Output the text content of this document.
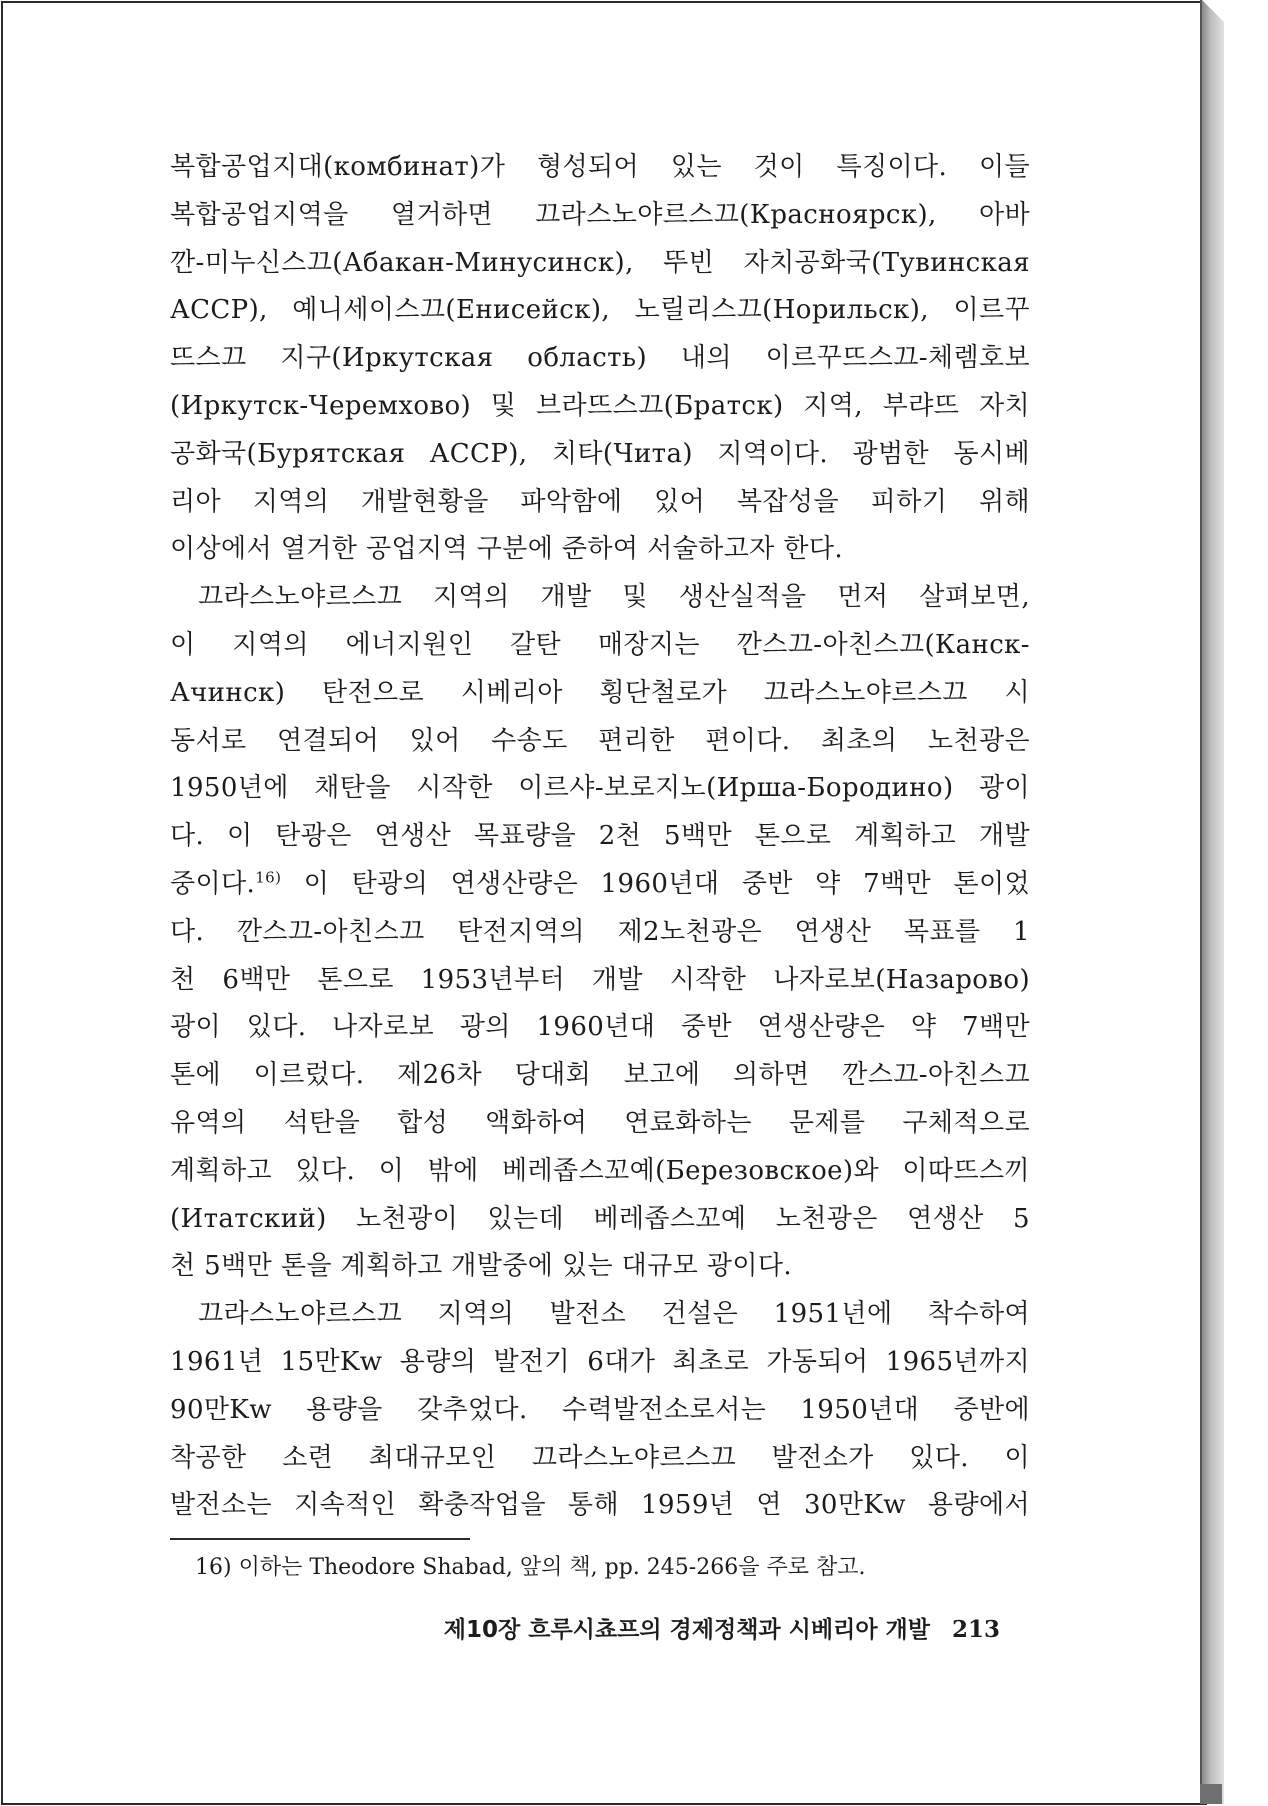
복합공업지대(комбинат)가 형성되어 있는 것이 특징이다. 이들
복합공업지역을 열거하면 끄라스노야르스끄(Красноярск), 아바
깐-미누신스끄(Абакан-Минусинск), 뚜빈 자치공화국(Тувинская
АССР), 예니세이스끄(Енисейск), 노릴리스끄(Норильск), 이르꾸
뜨스끄 지구(Иркутская область) 내의 이르꾸뜨스끄-체렘호보
(Иркутск-Черемхово) 및 브라뜨스끄(Братск) 지역, 부랴뜨 자치
공화국(Бурятская АССР), 치타(Чита) 지역이다. 광범한 동시베
리아 지역의 개발현황을 파악함에 있어 복잡성을 피하기 위해
이상에서 열거한 공업지역 구분에 준하여 서술하고자 한다.
끄라스노야르스끄 지역의 개발 및 생산실적을 먼저 살펴보면,
이 지역의 에너지원인 갈탄 매장지는 깐스끄-아친스끄(Канск-
Ачинск) 탄전으로 시베리아 횡단철로가 끄라스노야르스끄 시
동서로 연결되어 있어 수송도 편리한 편이다. 최초의 노천광은
1950년에 채탄을 시작한 이르샤-보로지노(Ирша-Бородино) 광이
다. 이 탄광은 연생산 목표량을 2천 5백만 톤으로 계획하고 개발
중이다.$^{16)}$ 이 탄광의 연생산량은 1960년대 중반 약 7백만 톤이었
다. 깐스끄-아친스끄 탄전지역의 제2노천광은 연생산 목표를 1
천 6백만 톤으로 1953년부터 개발 시작한 나자로보(Назарово)
광이 있다. 나자로보 광의 1960년대 중반 연생산량은 약 7백만
톤에 이르렀다. 제26차 당대회 보고에 의하면 깐스끄-아친스끄
유역의 석탄을 합성 액화하여 연료화하는 문제를 구체적으로
계획하고 있다. 이 밖에 베레좁스꼬예(Березовское)와 이따뜨스끼
(Итатский) 노천광이 있는데 베레좁스꼬예 노천광은 연생산 5
천 5백만 톤을 계획하고 개발중에 있는 대규모 광이다.
끄라스노야르스끄 지역의 발전소 건설은 1951년에 착수하여
1961년 15만Kw 용량의 발전기 6대가 최초로 가동되어 1965년까지
90만Kw 용량을 갖추었다. 수력발전소로서는 1950년대 중반에
착공한 소련 최대규모인 끄라스노야르스끄 발전소가 있다. 이
발전소는 지속적인 확충작업을 통해 1959년 연 30만Kw 용량에서
16) 이하는 Theodore Shabad, 앞의 책, pp. 245-266을 주로 참고.
제10장 흐루시쵸프의 경제정책과 시베리아 개발 213
